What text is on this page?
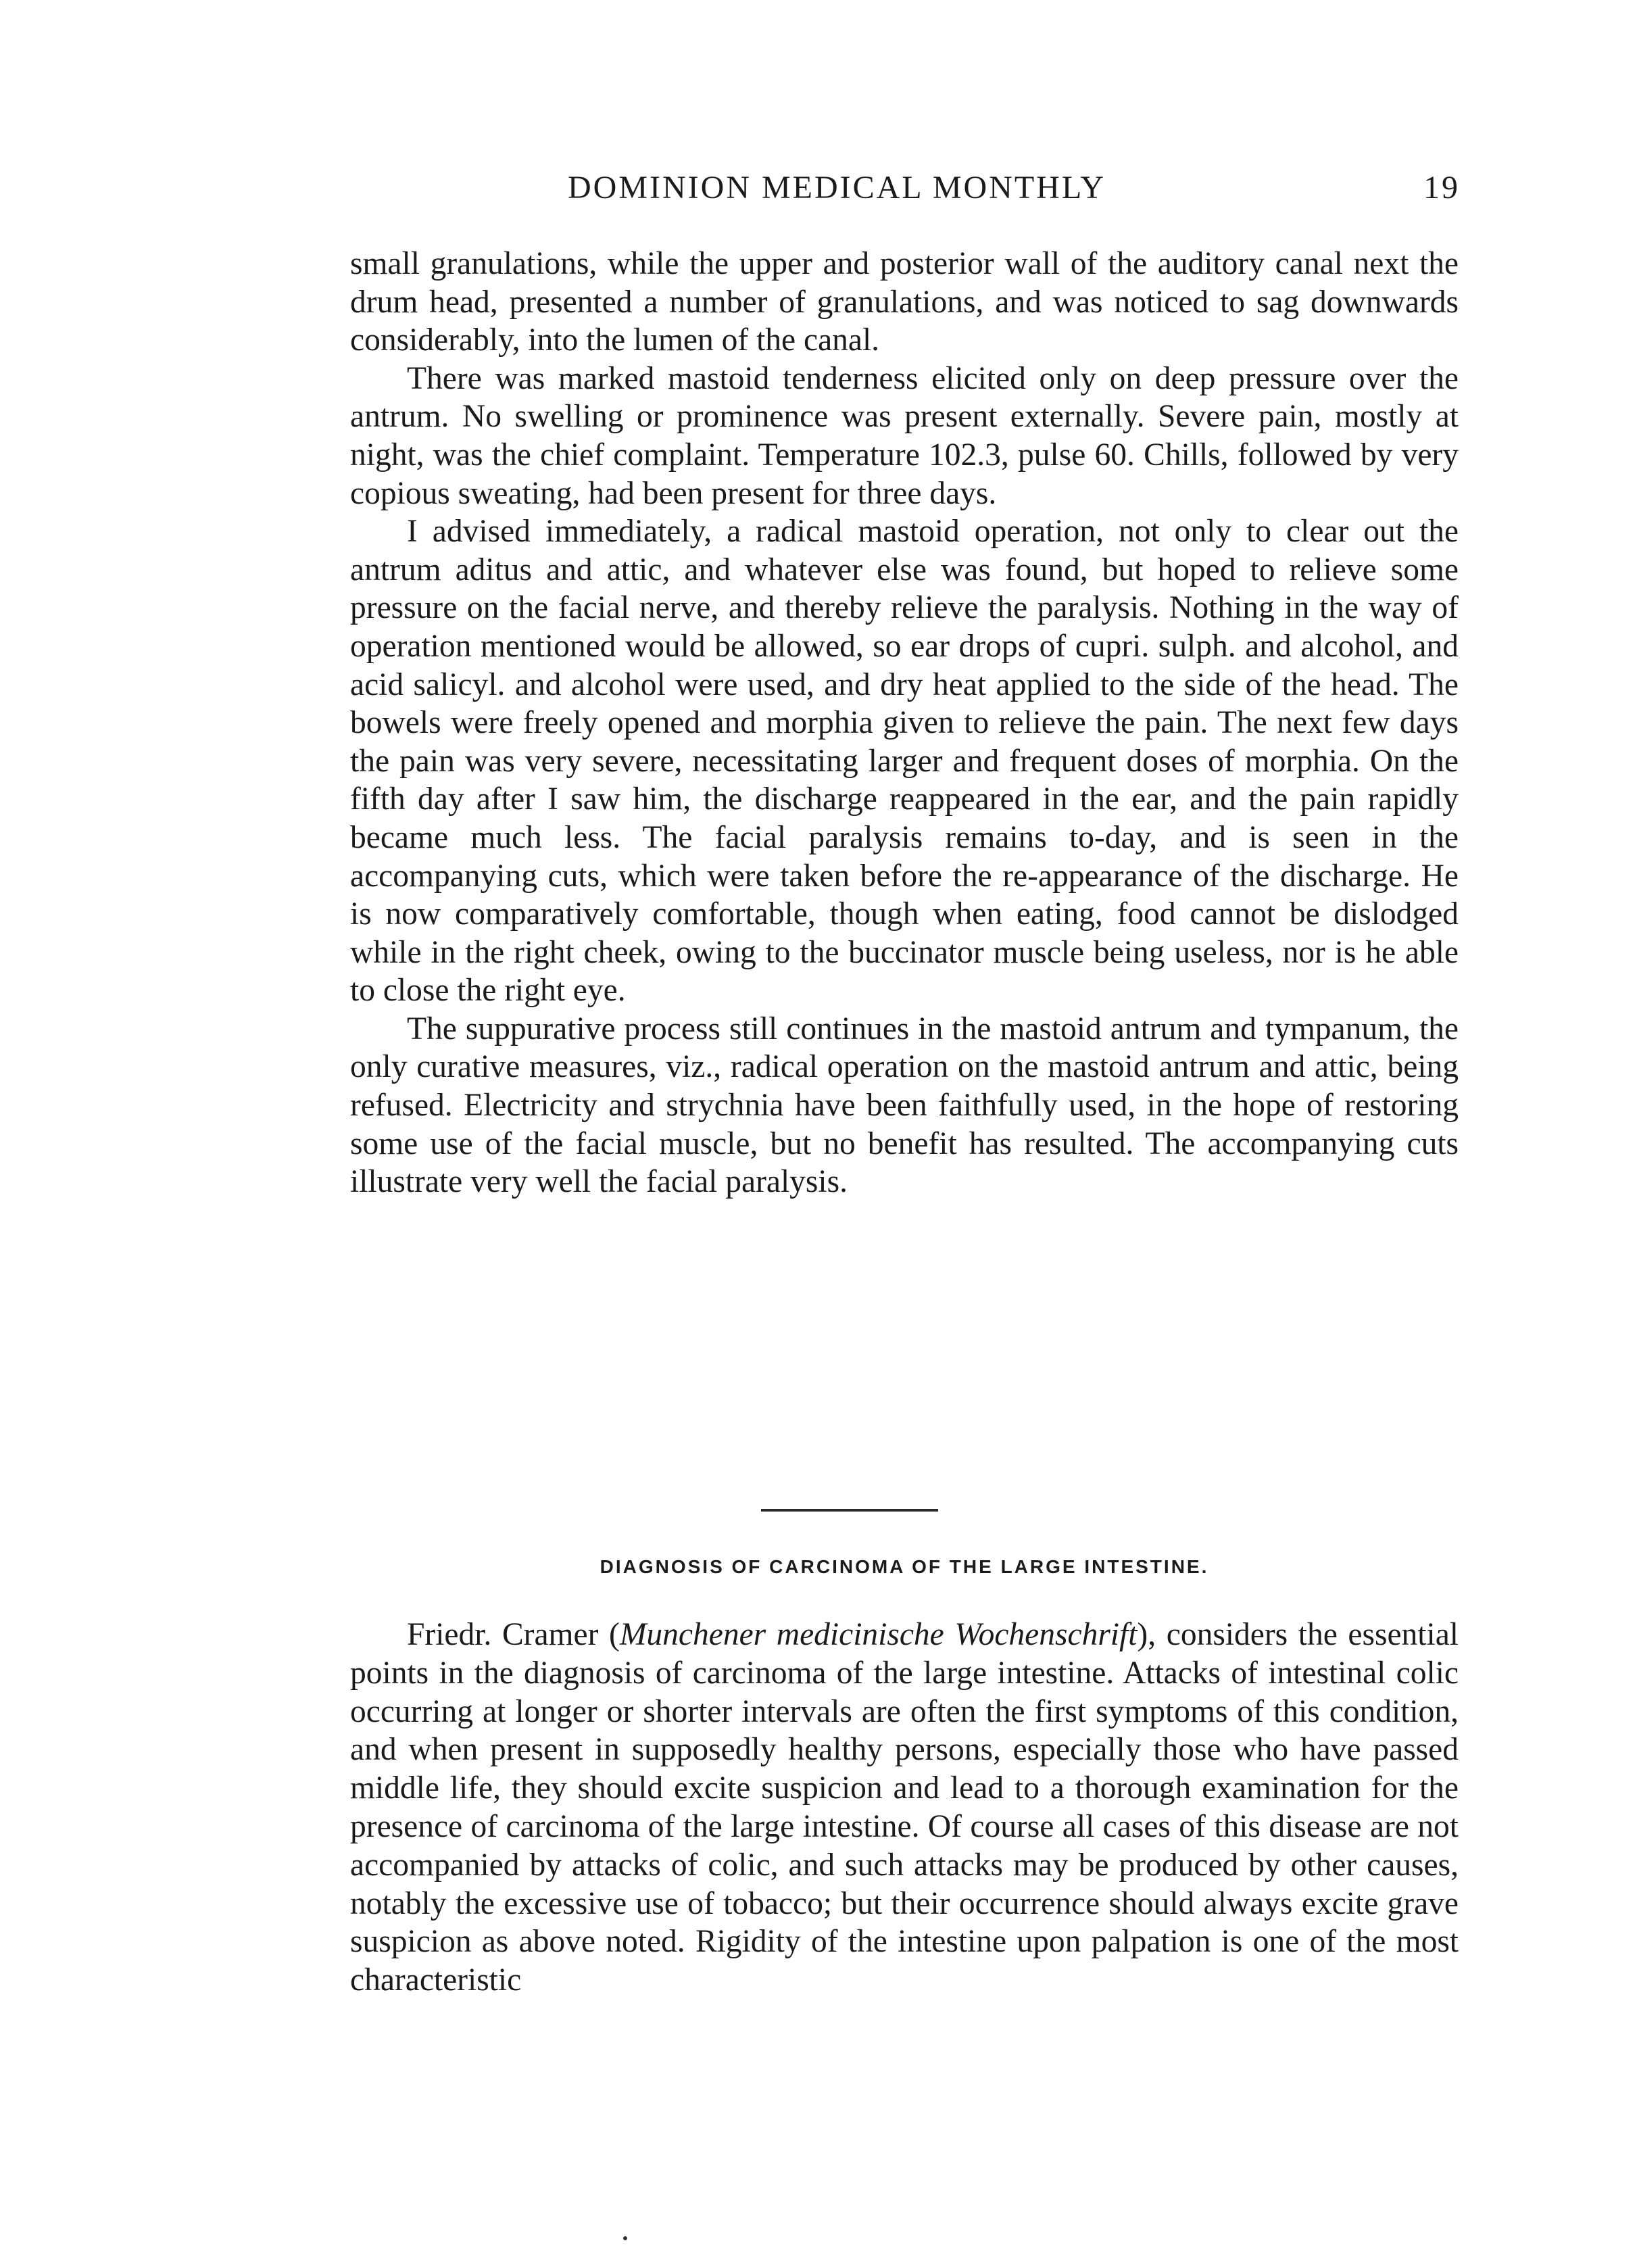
DOMINION MEDICAL MONTHLY	19

small granulations, while the upper and posterior wall of the auditory canal next the drum head, presented a number of granulations, and was noticed to sag downwards considerably, into the lumen of the canal.

There was marked mastoid tenderness elicited only on deep pressure over the antrum. No swelling or prominence was present externally. Severe pain, mostly at night, was the chief complaint. Temperature 102.3, pulse 60. Chills, followed by very copious sweating, had been present for three days.

I advised immediately, a radical mastoid operation, not only to clear out the antrum aditus and attic, and whatever else was found, but hoped to relieve some pressure on the facial nerve, and thereby relieve the paralysis. Nothing in the way of operation mentioned would be allowed, so ear drops of cupri. sulph. and alcohol, and acid salicyl. and alcohol were used, and dry heat applied to the side of the head. The bowels were freely opened and morphia given to relieve the pain. The next few days the pain was very severe, necessitating larger and frequent doses of morphia. On the fifth day after I saw him, the discharge reappeared in the ear, and the pain rapidly became much less. The facial paralysis remains to-day, and is seen in the accompanying cuts, which were taken before the re-appearance of the discharge. He is now comparatively comfortable, though when eating, food cannot be dislodged while in the right cheek, owing to the buccinator muscle being useless, nor is he able to close the right eye.

The suppurative process still continues in the mastoid antrum and tympanum, the only curative measures, viz., radical operation on the mastoid antrum and attic, being refused. Electricity and strychnia have been faithfully used, in the hope of restoring some use of the facial muscle, but no benefit has resulted. The accompanying cuts illustrate very well the facial paralysis.

DIAGNOSIS OF CARCINOMA OF THE LARGE INTESTINE.

Friedr. Cramer (Munchener medicinische Wochenschrift), considers the essential points in the diagnosis of carcinoma of the large intestine. Attacks of intestinal colic occurring at longer or shorter intervals are often the first symptoms of this condition, and when present in supposedly healthy persons, especially those who have passed middle life, they should excite suspicion and lead to a thorough examination for the presence of carcinoma of the large intestine. Of course all cases of this disease are not accompanied by attacks of colic, and such attacks may be produced by other causes, notably the excessive use of tobacco; but their occurrence should always excite grave suspicion as above noted. Rigidity of the intestine upon palpation is one of the most characteristic
